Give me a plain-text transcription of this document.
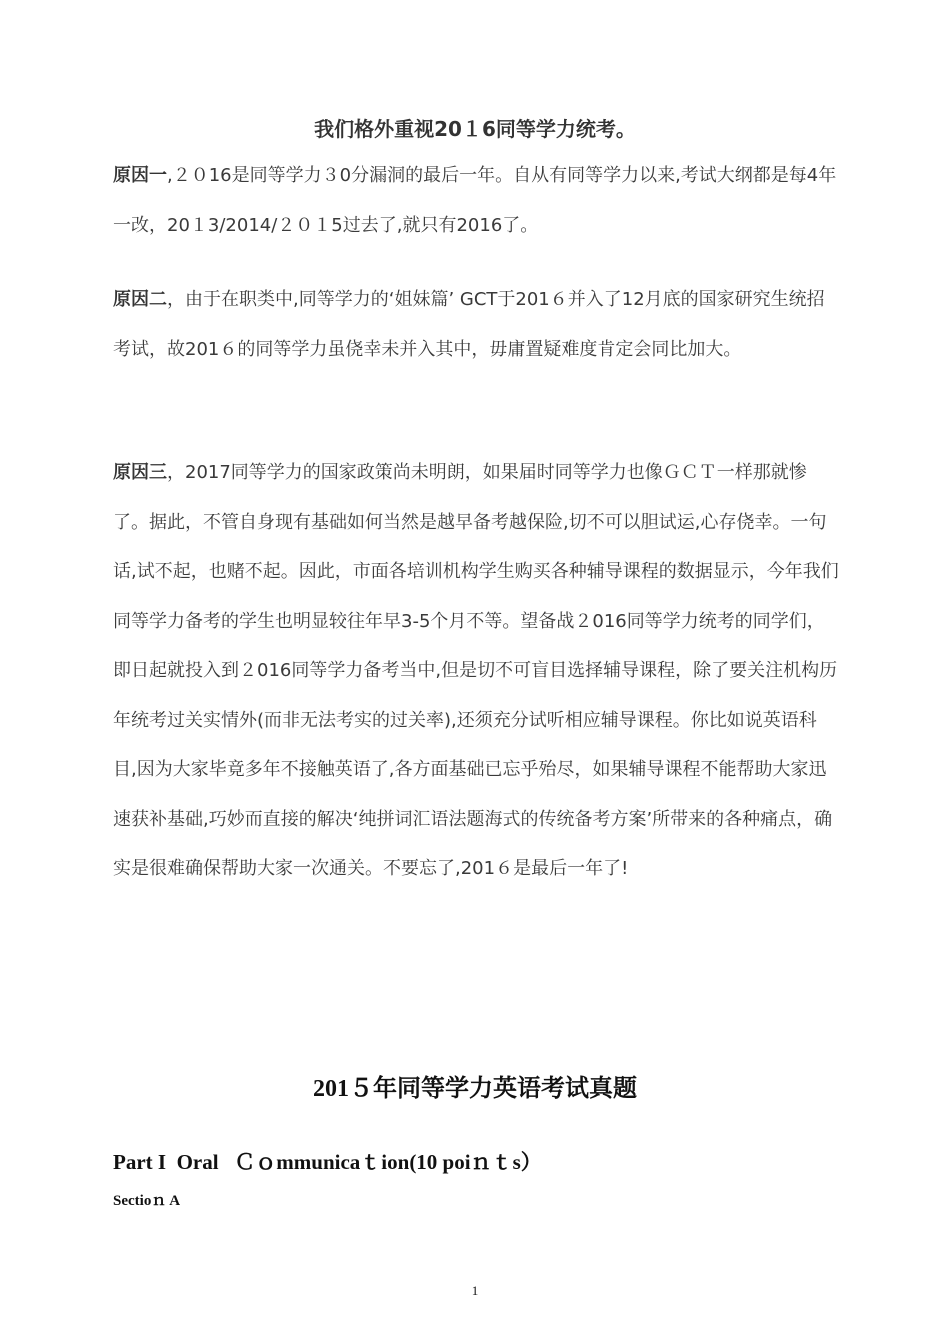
我们格外重视20１6同等学力统考。

原因一,２０16是同等学力３0分漏洞的最后一年。自从有同等学力以来,考试大纲都是每4年一改，20１3/2014/２０１5过去了,就只有2016了。

原因二，由于在职类中,同等学力的‘姐妹篇’ GCT于201６并入了12月底的国家研究生统招考试，故201６的同等学力虽侥幸未并入其中，毋庸置疑难度肯定会同比加大。

原因三，2017同等学力的国家政策尚未明朗，如果届时同等学力也像ＧＣＴ一样那就惨了。据此，不管自身现有基础如何当然是越早备考越保险,切不可以胆试运,心存侥幸。一句话,试不起，也赌不起。因此，市面各培训机构学生购买各种辅导课程的数据显示，今年我们同等学力备考的学生也明显较往年早3-5个月不等。望备战２016同等学力统考的同学们，即日起就投入到２016同等学力备考当中,但是切不可盲目选择辅导课程，除了要关注机构历年统考过关实情外(而非无法考实的过关率),还须充分试听相应辅导课程。你比如说英语科目,因为大家毕竟多年不接触英语了,各方面基础已忘乎殆尽，如果辅导课程不能帮助大家迅速获补基础,巧妙而直接的解决‘纯拼词汇语法题海式的传统备考方案’所带来的各种痛点，确实是很难确保帮助大家一次通关。不要忘了,201６是最后一年了!

201５年同等学力英语考试真题
Part I  Oral   Ｃｏmmunicaｔion(10 poiｎｔs）
Sectioｎ A
1
